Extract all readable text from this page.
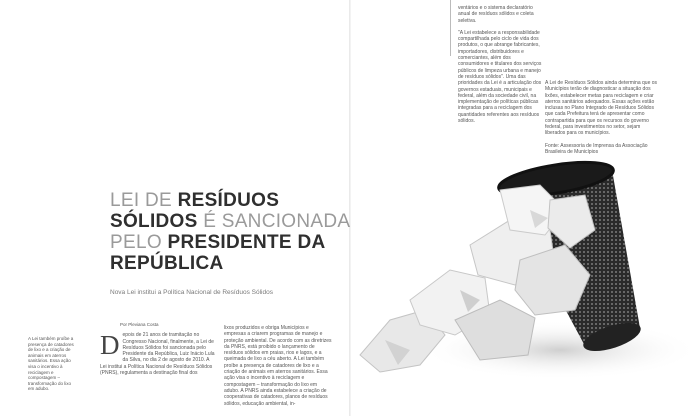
ventários e o sistema declaratório anual de resíduos sólidos e coleta seletiva.

"A Lei estabelece a responsabilidade compartilhada pelo ciclo de vida dos produtos, o que abrange fabricantes, importadores, distribuidores e comerciantes, além dos consumidores e titulares dos serviços públicos de limpeza urbana e manejo de resíduos sólidos". Uma das prioridades da Lei é a articulação dos governos estaduais, municipais e federal, além da sociedade civil, na implementação de políticas públicas integradas para a reciclagem dos quantidades referentes aos resíduos sólidos.

A Lei de Resíduos Sólidos ainda determina que os Municípios terão de diagnosticar a situação dos lixões, estabelecer metas para reciclagem e criar aterros sanitários adequados. Essas ações estão inclusas no Plano Integrado de Resíduos Sólidos que cada Prefeitura terá de apresentar como contrapartida para que os recursos do governo federal, para investimentos no setor, sejam liberados para os municípios.

Fonte: Assessoria de Imprensa da Associação Brasileira de Municípios

LEI DE RESÍDUOS SÓLIDOS É SANCIONADA PELO PRESIDENTE DA REPÚBLICA
Nova Lei institui a Política Nacional de Resíduos Sólidos
A Lei também proíbe a presença de catadores de lixo e a criação de animais em aterros sanitários. Essa ação visa o incentivo à reciclagem e compostagem – transformação do lixo em adubo.
Por Pleviana Costa
D epois de 21 anos de tramitação no Congresso Nacional, finalmente, a Lei de Resíduos Sólidos foi sancionada pelo Presidente da República, Luiz Inácio Lula da Silva, no dia 2 de agosto de 2010. A Lei institui a Política Nacional de Resíduos Sólidos (PNRS), regulamenta a destinação final dos
lixos produzidos e obriga Municípios e empresas a criarem programas de manejo e proteção ambiental. De acordo com as diretrizes da PNRS, está proibido o lançamento de resíduos sólidos em praias, rios e lagos, e a queimada de lixo a céu aberto. A Lei também proíbe a presença de catadores de lixo e a criação de animais em aterros sanitários. Essa ação visa o incentivo à reciclagem e compostagem – transformação do lixo em adubo. A PNRS ainda estabelece a criação de cooperativas de catadores, planos de resíduos sólidos, educação ambiental, in-
